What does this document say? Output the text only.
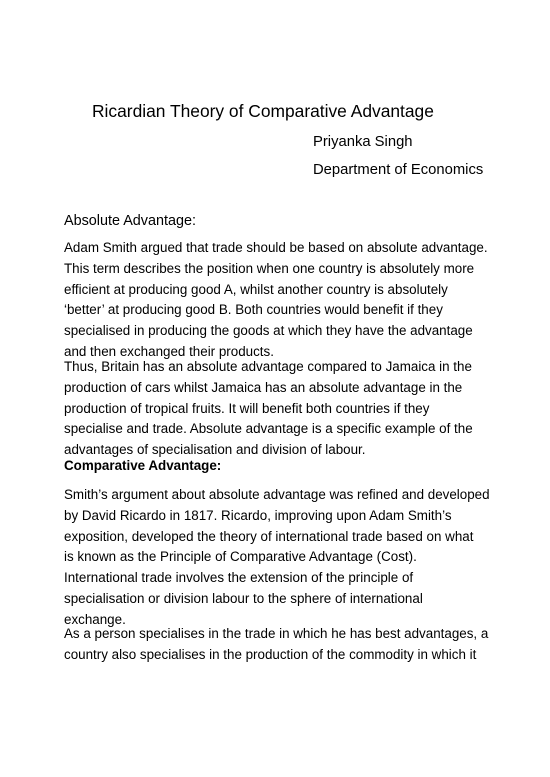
Ricardian Theory of Comparative Advantage
Priyanka Singh
Department of Economics
Absolute Advantage:
Adam Smith argued that trade should be based on absolute advantage.
This term describes the position when one country is absolutely more
efficient at producing good A, whilst another country is absolutely
‘better’ at producing good B. Both countries would benefit if they
specialised in producing the goods at which they have the advantage
and then exchanged their products.
Thus, Britain has an absolute advantage compared to Jamaica in the
production of cars whilst Jamaica has an absolute advantage in the
production of tropical fruits. It will benefit both countries if they
specialise and trade. Absolute advantage is a specific example of the
advantages of specialisation and division of labour.
Comparative Advantage:
Smith’s argument about absolute advantage was refined and developed
by David Ricardo in 1817. Ricardo, improving upon Adam Smith’s
exposition, developed the theory of international trade based on what
is known as the Principle of Comparative Advantage (Cost).
International trade involves the extension of the principle of
specialisation or division labour to the sphere of international
exchange.
As a person specialises in the trade in which he has best advantages, a
country also specialises in the production of the commodity in which it
